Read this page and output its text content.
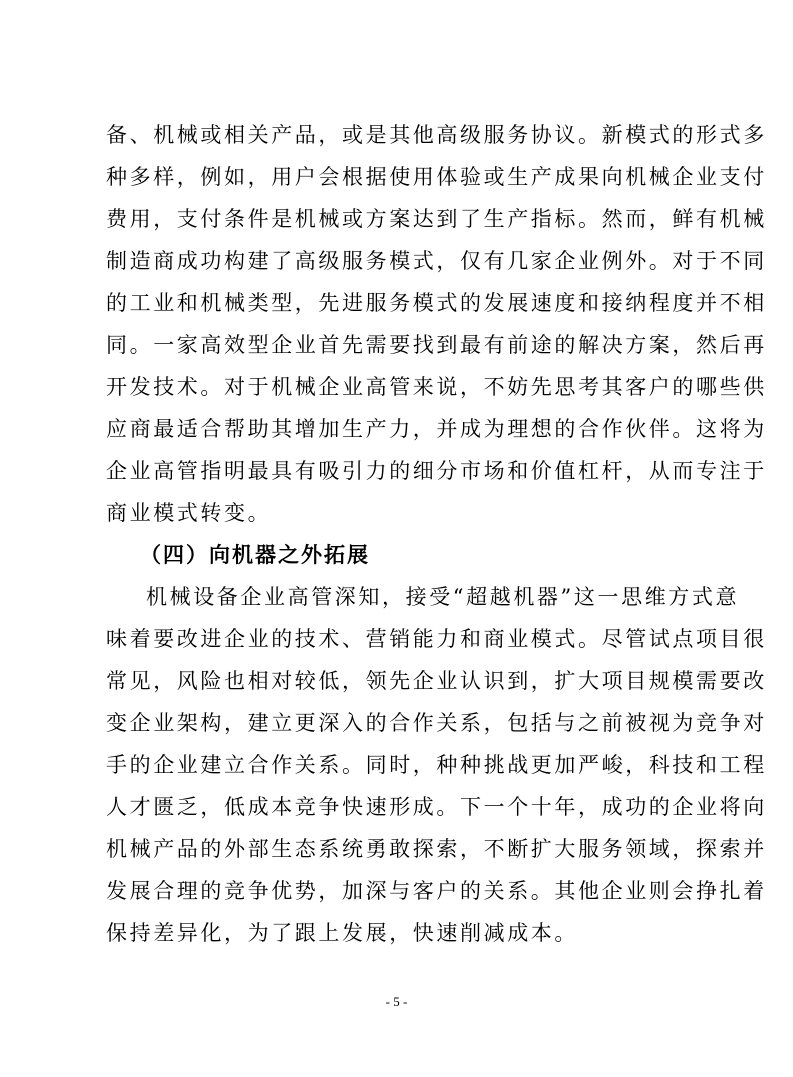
备、机械或相关产品，或是其他高级服务协议。新模式的形式多
种多样，例如，用户会根据使用体验或生产成果向机械企业支付
费用，支付条件是机械或方案达到了生产指标。然而，鲜有机械
制造商成功构建了高级服务模式，仅有几家企业例外。对于不同
的工业和机械类型，先进服务模式的发展速度和接纳程度并不相
同。一家高效型企业首先需要找到最有前途的解决方案，然后再
开发技术。对于机械企业高管来说，不妨先思考其客户的哪些供
应商最适合帮助其增加生产力，并成为理想的合作伙伴。这将为
企业高管指明最具有吸引力的细分市场和价值杠杆，从而专注于
商业模式转变。
（四）向机器之外拓展
机械设备企业高管深知，接受“超越机器”这一思维方式意
味着要改进企业的技术、营销能力和商业模式。尽管试点项目很
常见，风险也相对较低，领先企业认识到，扩大项目规模需要改
变企业架构，建立更深入的合作关系，包括与之前被视为竞争对
手的企业建立合作关系。同时，种种挑战更加严峻，科技和工程
人才匮乏，低成本竞争快速形成。下一个十年，成功的企业将向
机械产品的外部生态系统勇敢探索，不断扩大服务领域，探索并
发展合理的竞争优势，加深与客户的关系。其他企业则会挣扎着
保持差异化，为了跟上发展，快速削减成本。
- 5 -
